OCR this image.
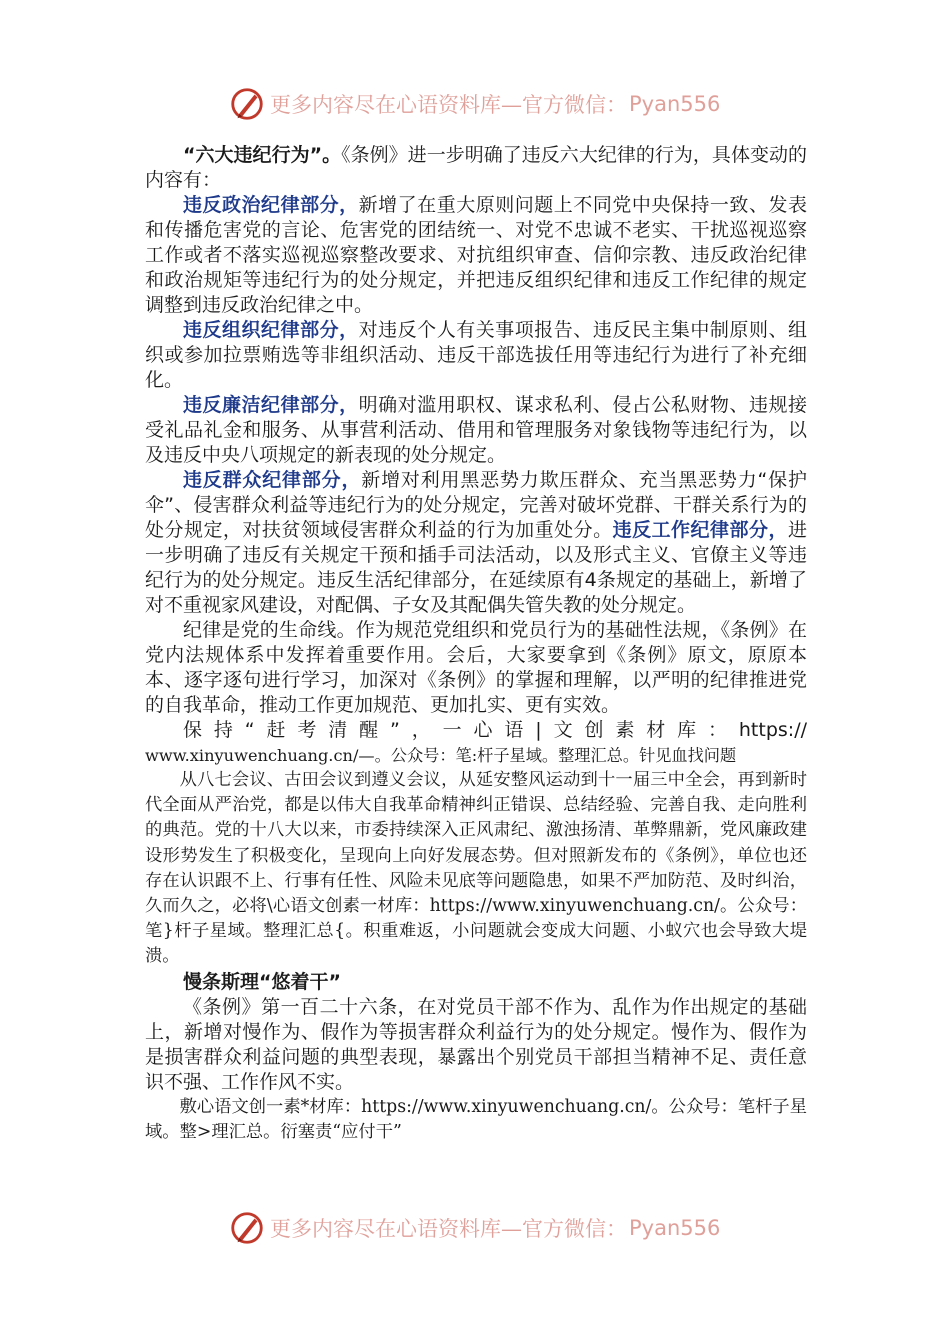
更多内容尽在心语资料库—官方微信： Pyan556

“六大违纪行为”。《条例》进一步明确了违反六大纪律的行为，具体变动的内容有：

违反政治纪律部分，新增了在重大原则问题上不同党中央保持一致、发表和传播危害党的言论、危害党的团结统一、对党不忠诚不老实、干扰巡视巡察工作或者不落实巡视巡察整改要求、对抗组织审查、信仰宗教、违反政治纪律和政治规矩等违纪行为的处分规定，并把违反组织纪律和违反工作纪律的规定调整到违反政治纪律之中。

违反组织纪律部分，对违反个人有关事项报告、违反民主集中制原则、组织或参加拉票贿选等非组织活动、违反干部选拔任用等违纪行为进行了补充细化。

违反廉洁纪律部分，明确对滥用职权、谋求私利、侵占公私财物、违规接受礼品礼金和服务、从事营利活动、借用和管理服务对象钱物等违纪行为，以及违反中央八项规定的新表现的处分规定。

违反群众纪律部分，新增对利用黑恶势力欺压群众、充当黑恶势力“保护伞”、侵害群众利益等违纪行为的处分规定，完善对破坏党群、干群关系行为的处分规定，对扶贫领域侵害群众利益的行为加重处分。违反工作纪律部分，进一步明确了违反有关规定干预和插手司法活动，以及形式主义、官僚主义等违纪行为的处分规定。违反生活纪律部分，在延续原有4条规定的基础上，新增了对不重视家风建设，对配偶、子女及其配偶失管失教的处分规定。

纪律是党的生命线。作为规范党组织和党员行为的基础性法规，《条例》在党内法规体系中发挥着重要作用。会后，大家要拿到《条例》原文，原原本本、逐字逐句进行学习，加深对《条例》的掌握和理解，以严明的纪律推进党的自我革命，推动工作更加规范、更加扎实、更有实效。

保持“赶考清醒”，一心语|文创素材库：https://
www.xinyuwenchuang.cn/—。公众号：笔:杆子星域。整理汇总。针见血找问题

从八七会议、古田会议到遵义会议，从延安整风运动到十一届三中全会，再到新时代全面从严治党，都是以伟大自我革命精神纠正错误、总结经验、完善自我、走向胜利的典范。党的十八大以来，市委持续深入正风肃纪、激浊扬清、革弊鼎新，党风廉政建设形势发生了积极变化，呈现向上向好发展态势。但对照新发布的《条例》，单位也还存在认识跟不上、行事有任性、风险未见底等问题隐患，如果不严加防范、及时纠治，久而久之，必将\心语文创素一材库：https://www.xinyuwenchuang.cn/。公众号：笔}杆子星域。整理汇总{。积重难返，小问题就会变成大问题、小蚁穴也会导致大堤溃。

慢条斯理“悠着干”

《条例》第一百二十六条，在对党员干部不作为、乱作为作出规定的基础上，新增对慢作为、假作为等损害群众利益行为的处分规定。慢作为、假作为是损害群众利益问题的典型表现，暴露出个别党员干部担当精神不足、责任意识不强、工作作风不实。

敷心语文创一素*材库：https://www.xinyuwenchuang.cn/。公众号：笔杆子星域。整>理汇总。衍塞责“应付干”

更多内容尽在心语资料库—官方微信： Pyan556
